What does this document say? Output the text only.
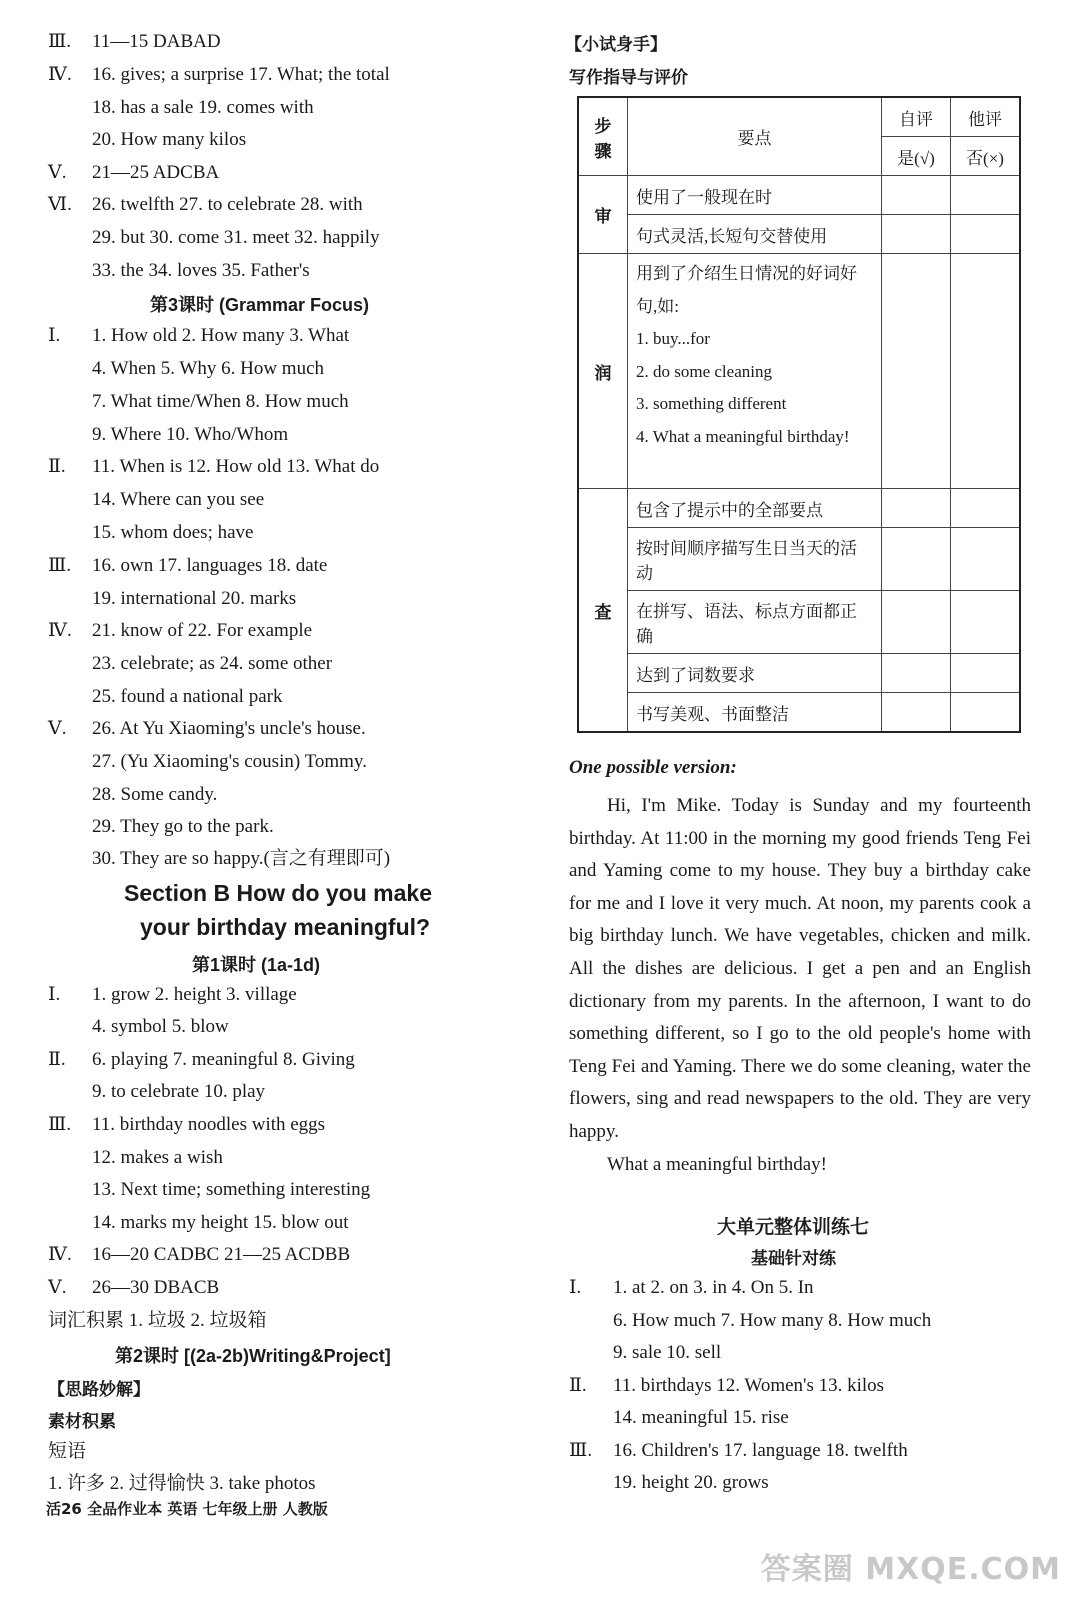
Ⅲ. 11—15 DABAD
Ⅳ. 16. gives; a surprise 17. What; the total
18. has a sale 19. comes with
20. How many kilos
Ⅴ. 21—25 ADCBA
Ⅵ. 26. twelfth 27. to celebrate 28. with
29. but 30. come 31. meet 32. happily
33. the 34. loves 35. Father's
第3课时 (Grammar Focus)
Ⅰ. 1. How old 2. How many 3. What
4. When 5. Why 6. How much
7. What time/When 8. How much
9. Where 10. Who/Whom
Ⅱ. 11. When is 12. How old 13. What do
14. Where can you see
15. whom does; have
Ⅲ. 16. own 17. languages 18. date
19. international 20. marks
Ⅳ. 21. know of 22. For example
23. celebrate; as 24. some other
25. found a national park
Ⅴ. 26. At Yu Xiaoming's uncle's house.
27. (Yu Xiaoming's cousin) Tommy.
28. Some candy.
29. They go to the park.
30. They are so happy.(言之有理即可)
Section B How do you make
your birthday meaningful?
第1课时 (1a-1d)
Ⅰ. 1. grow 2. height 3. village
4. symbol 5. blow
Ⅱ. 6. playing 7. meaningful 8. Giving
9. to celebrate 10. play
Ⅲ. 11. birthday noodles with eggs
12. makes a wish
13. Next time; something interesting
14. marks my height 15. blow out
Ⅳ. 16—20 CADBC 21—25 ACDBB
Ⅴ. 26—30 DBACB
词汇积累 1. 垃圾 2. 垃圾箱
第2课时 [(2a-2b)Writing&Project]
【思路妙解】
素材积累
短语
1. 许多 2. 过得愉快 3. take photos
【小试身手】
写作指导与评价
步骤	要点	自评	他评
		是(√)	否(×)
审	使用了一般现在时		
	句式灵活,长短句交替使用		
润	用到了介绍生日情况的好词好句,如:
1. buy...for
2. do some cleaning
3. something different
4. What a meaningful birthday!		

查	包含了提示中的全部要点		
	按时间顺序描写生日当天的活动		
	在拼写、语法、标点方面都正确		
	达到了词数要求		
	书写美观、书面整洁		
One possible version:

Hi, I'm Mike. Today is Sunday and my fourteenth birthday. At 11:00 in the morning my good friends Teng Fei and Yaming come to my house. They buy a birthday cake for me and I love it very much. At noon, my parents cook a big birthday lunch. We have vegetables, chicken and milk. All the dishes are delicious. I get a pen and an English dictionary from my parents. In the afternoon, I want to do something different, so I go to the old people's home with Teng Fei and Yaming. There we do some cleaning, water the flowers, sing and read newspapers to the old. They are very happy.

What a meaningful birthday!

大单元整体训练七
基础针对练
Ⅰ. 1. at 2. on 3. in 4. On 5. In
6. How much 7. How many 8. How much
9. sale 10. sell
Ⅱ. 11. birthdays 12. Women's 13. kilos
14. meaningful 15. rise
Ⅲ. 16. Children's 17. language 18. twelfth
19. height 20. grows
活26 全品作业本 英语 七年级上册 人教版
答案圈 MXQE.COM
